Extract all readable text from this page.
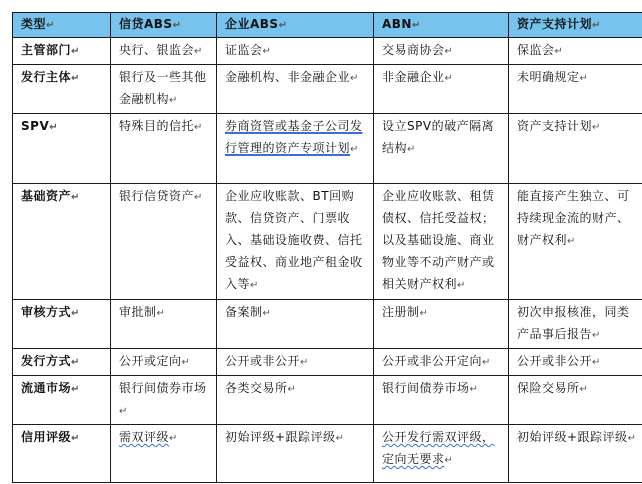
类型↵	信贷ABS↵	企业ABS↵	ABN↵	资产支持计划↵
主管部门↵	央行、银监会↵	证监会↵	交易商协会↵	保监会↵
发行主体↵	银行及一些其他金融机构↵	金融机构、非金融企业↵	非金融企业↵	未明确规定↵
SPV↵	特殊目的信托↵	券商资管或基金子公司发行管理的资产专项计划↵	设立SPV的破产隔离结构↵	资产支持计划↵
基础资产↵	银行信贷资产↵	企业应收账款、BT回购款、信贷资产、门票收入、基础设施收费、信托受益权、商业地产租金收入等↵	企业应收账款、租赁债权、信托受益权；以及基础设施、商业物业等不动产财产或相关财产权利↵	能直接产生独立、可持续现金流的财产、财产权利↵
审核方式↵	审批制↵	备案制↵	注册制↵	初次申报核准，同类产品事后报告↵
发行方式↵	公开或定向↵	公开或非公开↵	公开或非公开定向↵	公开或非公开↵
流通市场↵	银行间债券市场↵	各类交易所↵	银行间债券市场↵	保险交易所↵
信用评级↵	需双评级↵	初始评级+跟踪评级↵	公开发行需双评级，定向无要求↵	初始评级+跟踪评级↵
